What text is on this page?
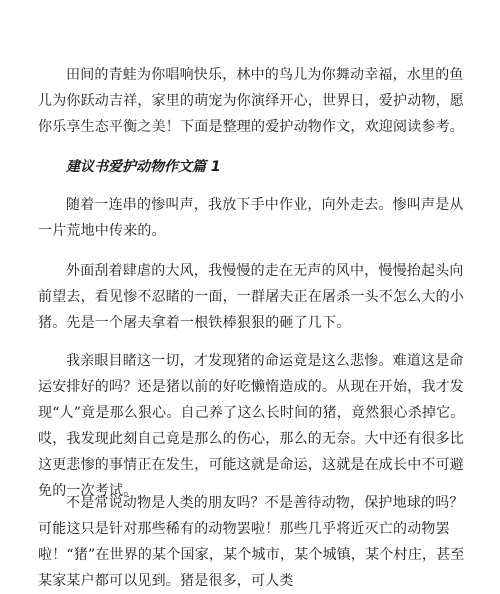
田间的青蛙为你唱响快乐，林中的鸟儿为你舞动幸福，水里的鱼儿为你跃动吉祥，家里的萌宠为你演绎开心，世界日，爱护动物，愿你乐享生态平衡之美！下面是整理的爱护动物作文，欢迎阅读参考。

建议书爱护动物作文篇 1

随着一连串的惨叫声，我放下手中作业，向外走去。惨叫声是从一片荒地中传来的。

外面刮着肆虐的大风，我慢慢的走在无声的风中，慢慢抬起头向前望去，看见惨不忍睹的一面，一群屠夫正在屠杀一头不怎么大的小猪。先是一个屠夫拿着一根铁棒狠狠的砸了几下。

我亲眼目睹这一切，才发现猪的命运竟是这么悲惨。难道这是命运安排好的吗？还是猪以前的好吃懒惰造成的。从现在开始，我才发现“人”竟是那么狠心。自己养了这么长时间的猪，竟然狠心杀掉它。哎，我发现此刻自己竟是那么的伤心，那么的无奈。大中还有很多比这更悲惨的事情正在发生，可能这就是命运，这就是在成长中不可避免的一次考试。

不是常说动物是人类的朋友吗？不是善待动物，保护地球的吗？可能这只是针对那些稀有的动物罢啦！那些几乎将近灭亡的动物罢啦！“猪”在世界的某个国家，某个城市，某个城镇，某个村庄，甚至某家某户都可以见到。猪是很多，可人类
